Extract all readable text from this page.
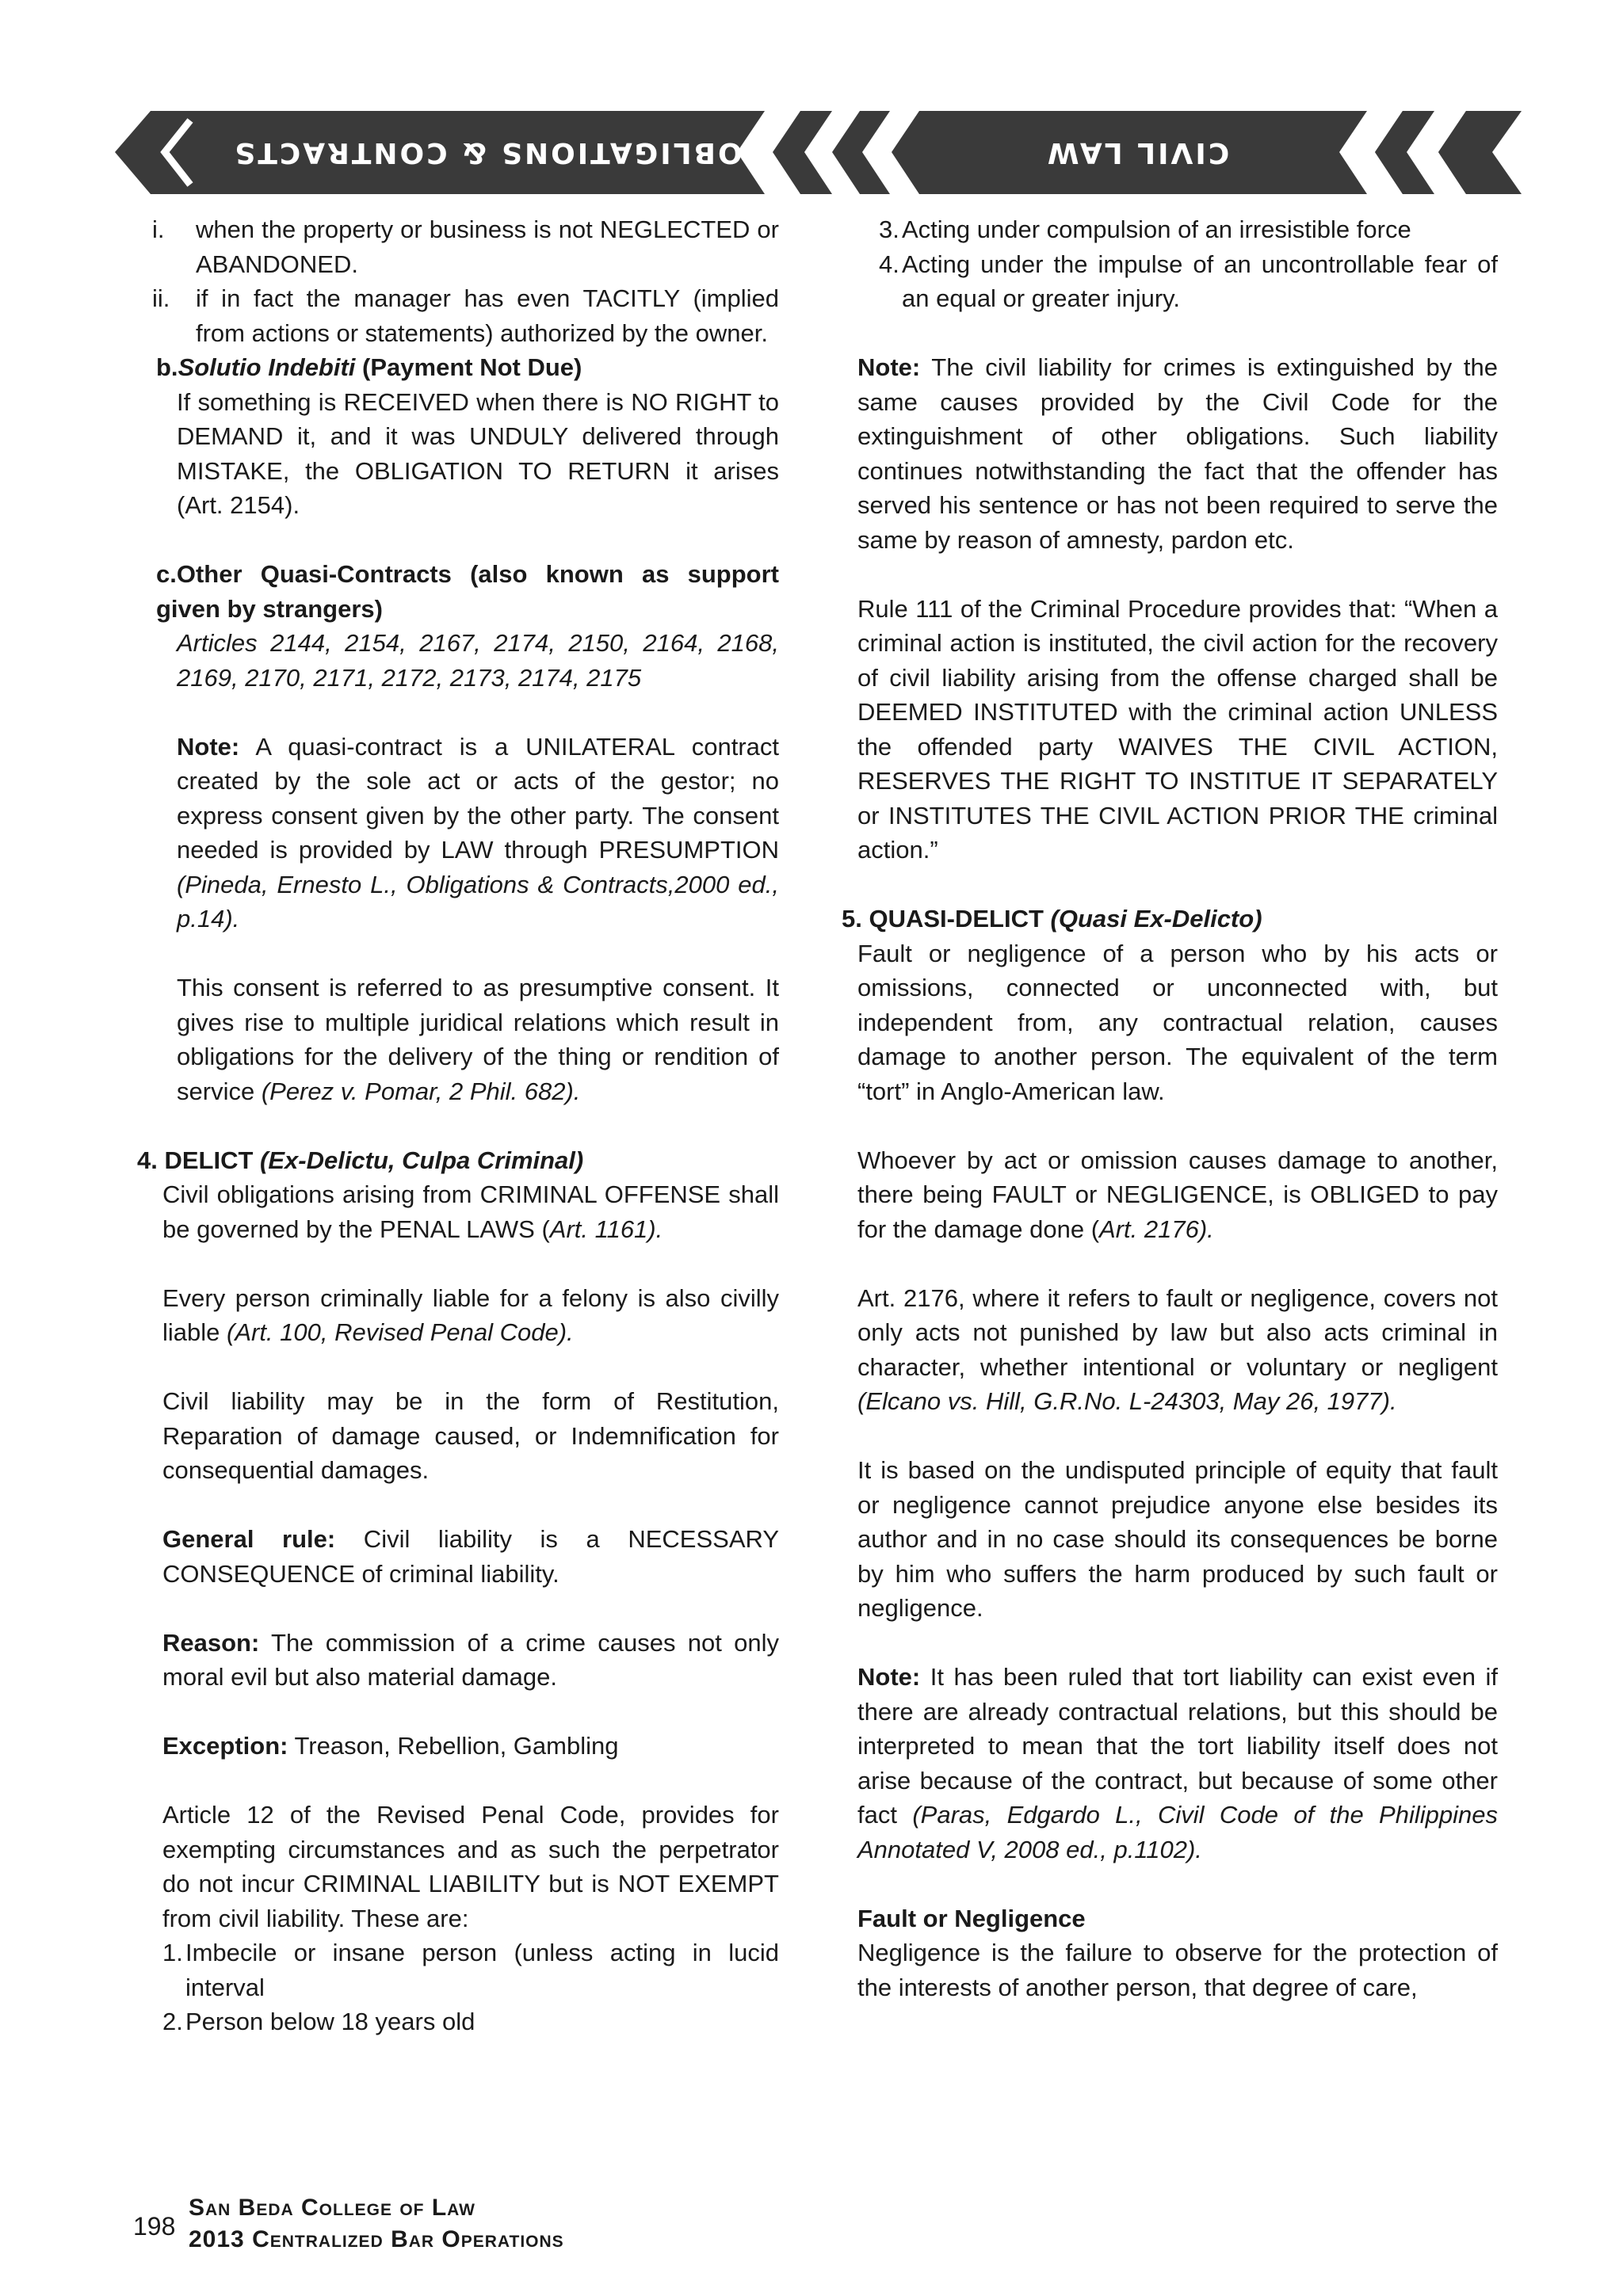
OBLIGATIONS & CONTRACTS	CIVIL LAW
i.	when the property or business is not NEGLECTED or ABANDONED.
ii.	if in fact the manager has even TACITLY (implied from actions or statements) authorized by the owner.

b.Solutio Indebiti (Payment Not Due)

If something is RECEIVED when there is NO RIGHT to DEMAND it, and it was UNDULY delivered through MISTAKE, the OBLIGATION TO RETURN it arises (Art. 2154).

c.Other Quasi-Contracts (also known as support given by strangers)

Articles 2144, 2154, 2167, 2174, 2150, 2164, 2168, 2169, 2170, 2171, 2172, 2173, 2174, 2175

Note: A quasi-contract is a UNILATERAL contract created by the sole act or acts of the gestor; no express consent given by the other party. The consent needed is provided by LAW through PRESUMPTION (Pineda, Ernesto L., Obligations & Contracts,2000 ed., p.14).

This consent is referred to as presumptive consent. It gives rise to multiple juridical relations which result in obligations for the delivery of the thing or rendition of service (Perez v. Pomar, 2 Phil. 682).

4. DELICT (Ex-Delictu, Culpa Criminal)

Civil obligations arising from CRIMINAL OFFENSE shall be governed by the PENAL LAWS (Art. 1161).

Every person criminally liable for a felony is also civilly liable (Art. 100, Revised Penal Code).

Civil liability may be in the form of Restitution, Reparation of damage caused, or Indemnification for consequential damages.

General rule: Civil liability is a NECESSARY CONSEQUENCE of criminal liability.

Reason: The commission of a crime causes not only moral evil but also material damage.

Exception: Treason, Rebellion, Gambling

Article 12 of the Revised Penal Code, provides for exempting circumstances and as such the perpetrator do not incur CRIMINAL LIABILITY but is NOT EXEMPT from civil liability. These are:

1. Imbecile or insane person (unless acting in lucid interval
2. Person below 18 years old
3. Acting under compulsion of an irresistible force
4. Acting under the impulse of an uncontrollable fear of an equal or greater injury.

Note: The civil liability for crimes is extinguished by the same causes provided by the Civil Code for the extinguishment of other obligations. Such liability continues notwithstanding the fact that the offender has served his sentence or has not been required to serve the same by reason of amnesty, pardon etc.

Rule 111 of the Criminal Procedure provides that: “When a criminal action is instituted, the civil action for the recovery of civil liability arising from the offense charged shall be DEEMED INSTITUTED with the criminal action UNLESS the offended party WAIVES THE CIVIL ACTION, RESERVES THE RIGHT TO INSTITUE IT SEPARATELY or INSTITUTES THE CIVIL ACTION PRIOR THE criminal action.”

5. QUASI-DELICT (Quasi Ex-Delicto)

Fault or negligence of a person who by his acts or omissions, connected or unconnected with, but independent from, any contractual relation, causes damage to another person. The equivalent of the term “tort” in Anglo-American law.

Whoever by act or omission causes damage to another, there being FAULT or NEGLIGENCE, is OBLIGED to pay for the damage done (Art. 2176).

Art. 2176, where it refers to fault or negligence, covers not only acts not punished by law but also acts criminal in character, whether intentional or voluntary or negligent (Elcano vs. Hill, G.R.No. L-24303, May 26, 1977).

It is based on the undisputed principle of equity that fault or negligence cannot prejudice anyone else besides its author and in no case should its consequences be borne by him who suffers the harm produced by such fault or negligence.

Note: It has been ruled that tort liability can exist even if there are already contractual relations, but this should be interpreted to mean that the tort liability itself does not arise because of the contract, but because of some other fact (Paras, Edgardo L., Civil Code of the Philippines Annotated V, 2008 ed., p.1102).

Fault or Negligence

Negligence is the failure to observe for the protection of the interests of another person, that degree of care,

198
San Beda College of Law
2013 Centralized Bar Operations
